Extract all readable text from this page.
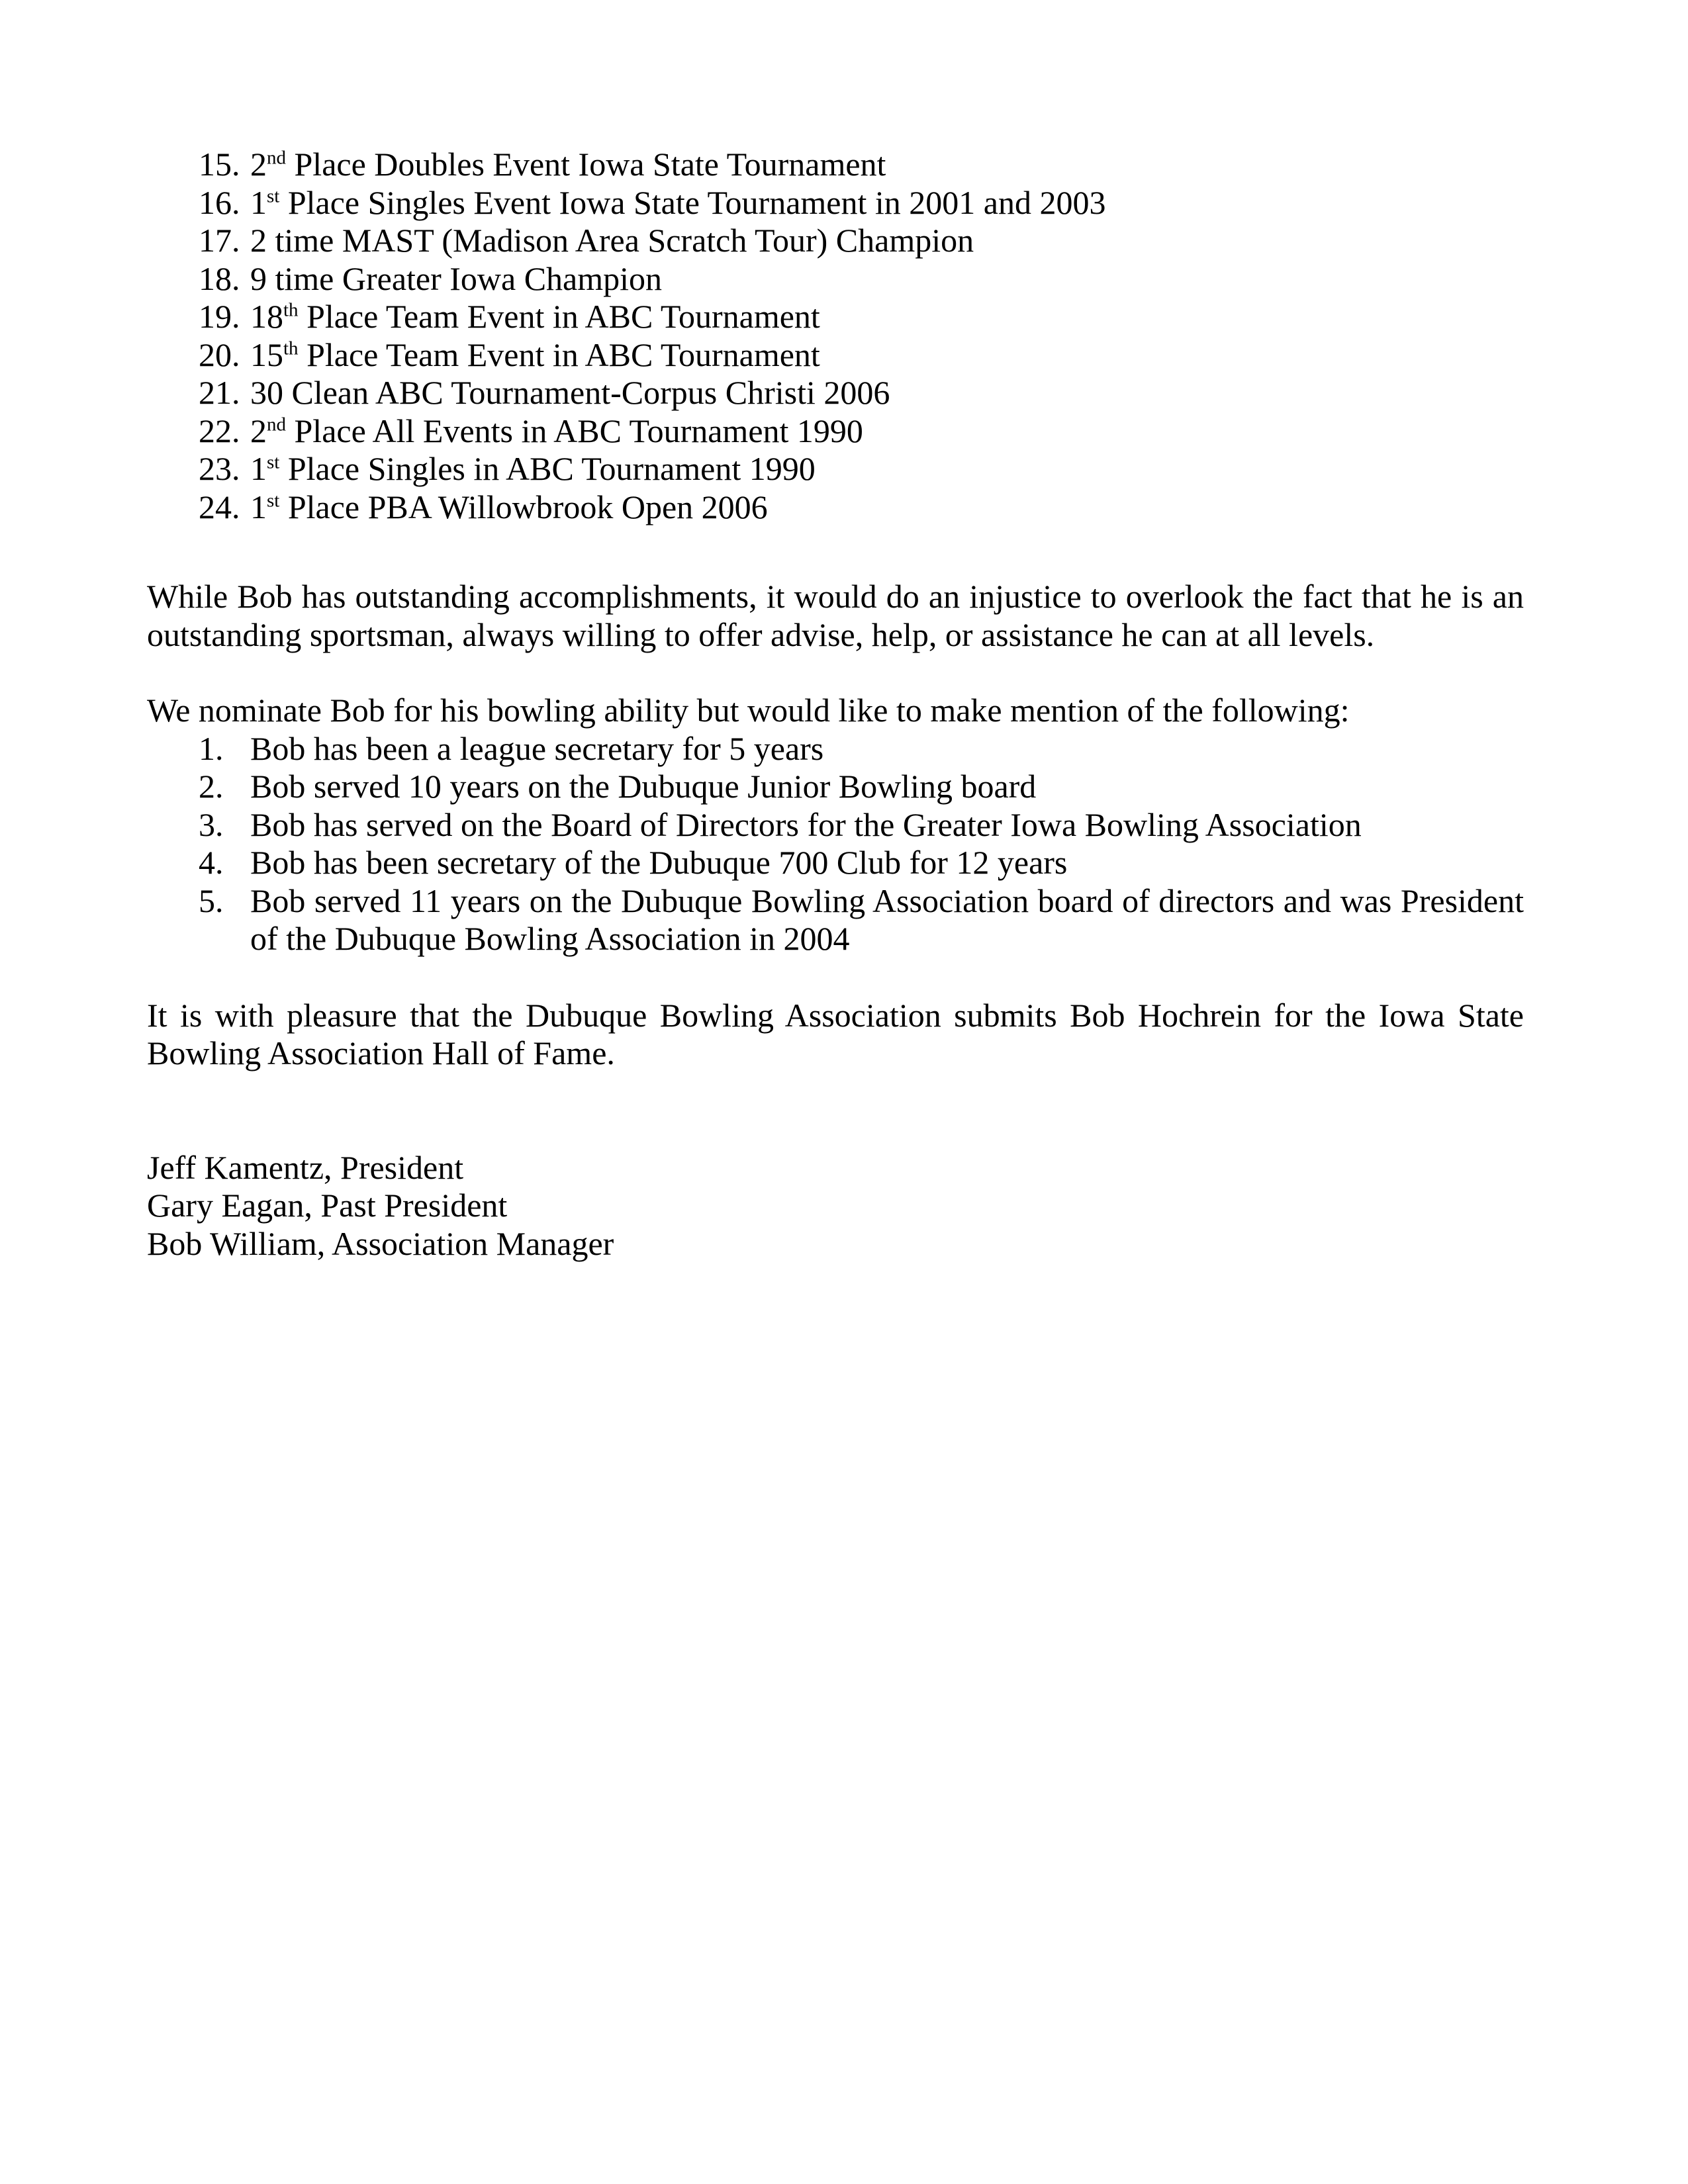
15. 2nd Place Doubles Event Iowa State Tournament
16. 1st Place Singles Event Iowa State Tournament in 2001 and 2003
17. 2 time MAST (Madison Area Scratch Tour) Champion
18. 9 time Greater Iowa Champion
19. 18th Place Team Event in ABC Tournament
20. 15th Place Team Event in ABC Tournament
21. 30 Clean ABC Tournament-Corpus Christi 2006
22. 2nd Place All Events in ABC Tournament 1990
23. 1st Place Singles in ABC Tournament 1990
24. 1st Place PBA Willowbrook Open 2006

While Bob has outstanding accomplishments, it would do an injustice to overlook the fact that he is an outstanding sportsman, always willing to offer advise, help, or assistance he can at all levels.

We nominate Bob for his bowling ability but would like to make mention of the following:

1. Bob has been a league secretary for 5 years
2. Bob served 10 years on the Dubuque Junior Bowling board
3. Bob has served on the Board of Directors for the Greater Iowa Bowling Association
4. Bob has been secretary of the Dubuque 700 Club for 12 years
5. Bob served 11 years on the Dubuque Bowling Association board of directors and was President of the Dubuque Bowling Association in 2004

It is with pleasure that the Dubuque Bowling Association submits Bob Hochrein for the Iowa State Bowling Association Hall of Fame.

Jeff Kamentz, President

Gary Eagan, Past President

Bob William, Association Manager
